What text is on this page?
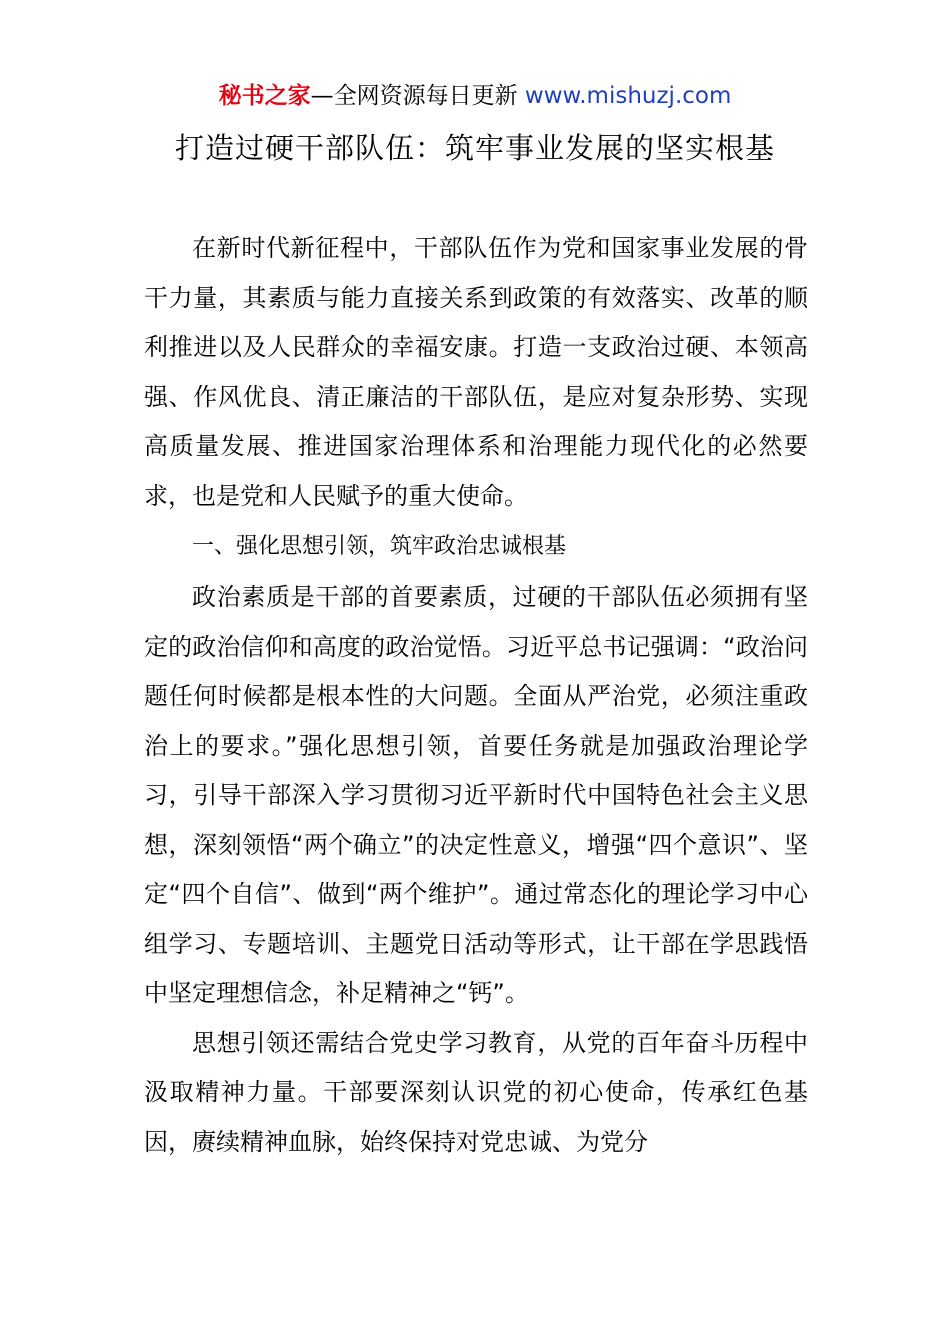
秘书之家—全网资源每日更新 www.mishuzj.com
打造过硬干部队伍：筑牢事业发展的坚实根基

在新时代新征程中，干部队伍作为党和国家事业发展的骨干力量，其素质与能力直接关系到政策的有效落实、改革的顺利推进以及人民群众的幸福安康。打造一支政治过硬、本领高强、作风优良、清正廉洁的干部队伍，是应对复杂形势、实现高质量发展、推进国家治理体系和治理能力现代化的必然要求，也是党和人民赋予的重大使命。

一、强化思想引领，筑牢政治忠诚根基

政治素质是干部的首要素质，过硬的干部队伍必须拥有坚定的政治信仰和高度的政治觉悟。习近平总书记强调：“政治问题任何时候都是根本性的大问题。全面从严治党，必须注重政治上的要求。”强化思想引领，首要任务就是加强政治理论学习，引导干部深入学习贯彻习近平新时代中国特色社会主义思想，深刻领悟“两个确立”的决定性意义，增强“四个意识”、坚定“四个自信”、做到“两个维护”。通过常态化的理论学习中心组学习、专题培训、主题党日活动等形式，让干部在学思践悟中坚定理想信念，补足精神之“钙”。

思想引领还需结合党史学习教育，从党的百年奋斗历程中汲取精神力量。干部要深刻认识党的初心使命，传承红色基因，赓续精神血脉，始终保持对党忠诚、为党分
